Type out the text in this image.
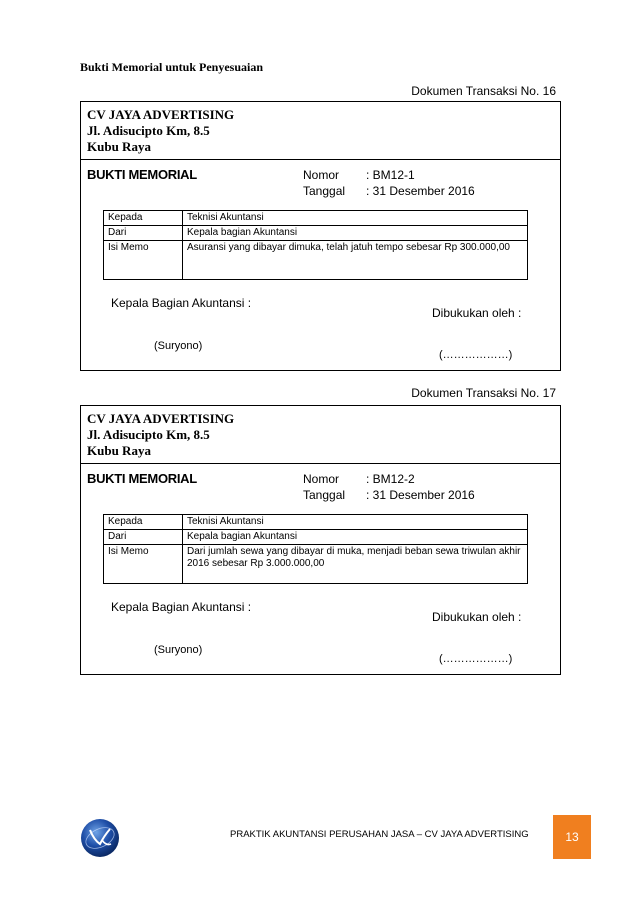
Bukti Memorial untuk Penyesuaian
Dokumen Transaksi No. 16
CV JAYA ADVERTISING
Jl. Adisucipto Km, 8.5
Kubu Raya
BUKTI MEMORIAL	Nomor : BM12-1
Tanggal : 31 Desember 2016
Kepada	Teknisi Akuntansi
Dari	Kepala bagian Akuntansi
Isi Memo	Asuransi yang dibayar dimuka, telah jatuh tempo sebesar Rp 300.000,00
Kepala Bagian Akuntansi :
Dibukukan oleh :
(Suryono)
(………………)
Dokumen Transaksi No. 17
CV JAYA ADVERTISING
Jl. Adisucipto Km, 8.5
Kubu Raya
BUKTI MEMORIAL	Nomor : BM12-2
Tanggal : 31 Desember 2016
Kepada	Teknisi Akuntansi
Dari	Kepala bagian Akuntansi
Isi Memo	Dari jumlah sewa yang dibayar di muka, menjadi beban sewa triwulan akhir 2016 sebesar Rp 3.000.000,00
Kepala Bagian Akuntansi :
Dibukukan oleh :
(Suryono)
(………………)
PRAKTIK AKUNTANSI PERUSAHAN JASA – CV JAYA ADVERTISING	13
